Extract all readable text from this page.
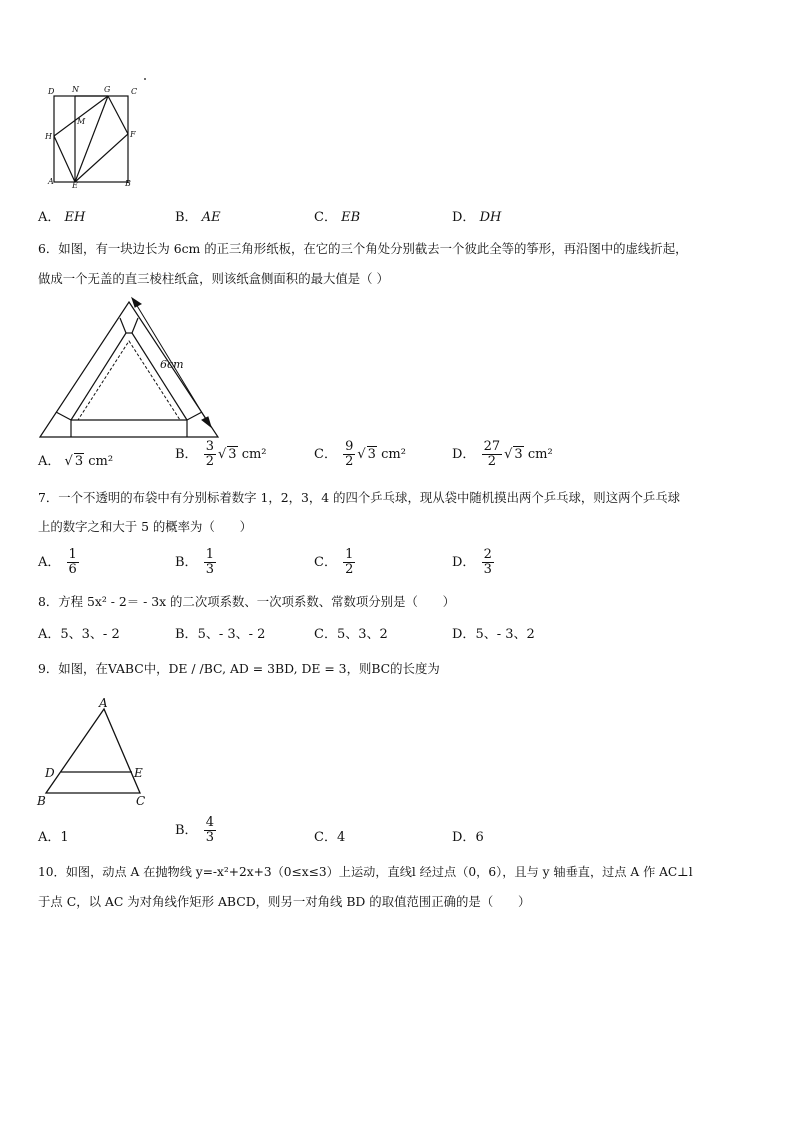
D N	G	C
H
M
F
A E	B
A． EH	B． AE	C． EB	D． DH
6．如图，有一块边长为 6cm 的正三角形纸板，在它的三个角处分别截去一个彼此全等的筝形，再沿图中的虚线折起，
做成一个无盖的直三棱柱纸盒，则该纸盒侧面积的最大值是（ ）
6cm
A． √ 3 cm²	B． $\frac{3}{2}$ √ 3 cm²	C． $\frac{9}{2}$ √ 3 cm²	D． $\frac{27}{2}$ √ 3 cm²
7．一个不透明的布袋中有分别标着数字 1，2，3，4 的四个乒乓球，现从袋中随机摸出两个乒乓球，则这两个乒乓球
上的数字之和大于 5 的概率为（　　）
A． $\frac{1}{6}$	B． $\frac{1}{3}$	C． $\frac{1}{2}$	D． $\frac{2}{3}$
8．方程 5x² - 2＝ - 3x 的二次项系数、一次项系数、常数项分别是（　　）
A．5、3、- 2	B．5、- 3、- 2	C．5、3、2	D．5、- 3、2
9．如图，在VABC中，DE / /BC, AD = 3BD, DE = 3，则BC的长度为
A
D	E
B	C
A．1	B． $\frac{4}{3}$	C．4	D．6
10．如图，动点 A 在抛物线 y=-x²+2x+3（0≤x≤3）上运动，直线l 经过点（0，6），且与 y 轴垂直，过点 A 作 AC⊥l
于点 C，以 AC 为对角线作矩形 ABCD，则另一对角线 BD 的取值范围正确的是（　　）
